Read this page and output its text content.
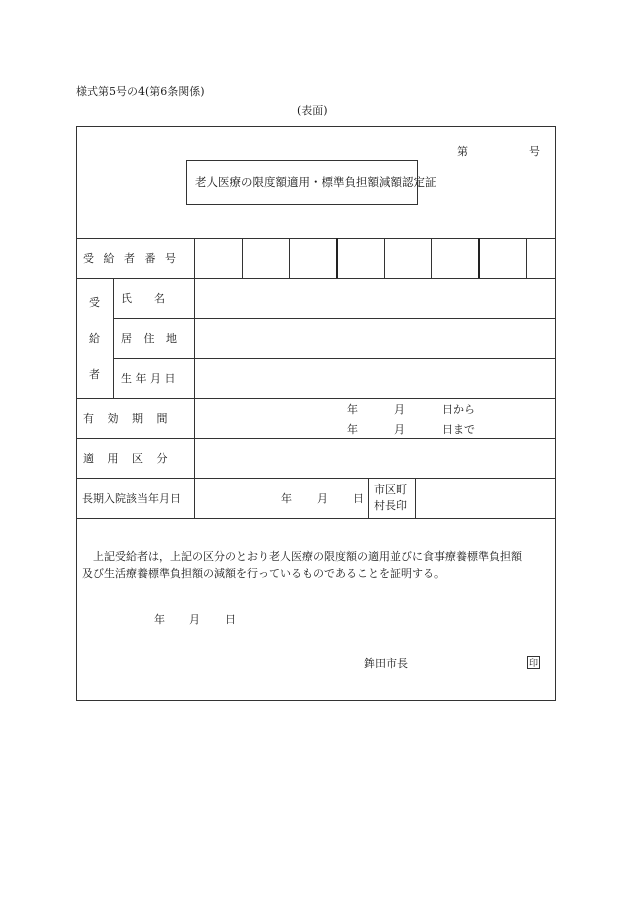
様式第5号の4(第6条関係)
(表面)
第	号
老人医療の限度額適用・標準負担額減額認定証
受 給 者 番 号
受
給
者
氏　　名
居 住 地
生 年 月 日
有 効 期 間
年	月	日から
年	月	日まで
適 用 区 分
長期入院該当年月日	年 月 日
市区町
村長印
上記受給者は，上記の区分のとおり老人医療の限度額の適用並びに食事療養標準負担額
及び生活療養標準負担額の減額を行っているものであることを証明する。
年 月 日
鉾田市長	印
